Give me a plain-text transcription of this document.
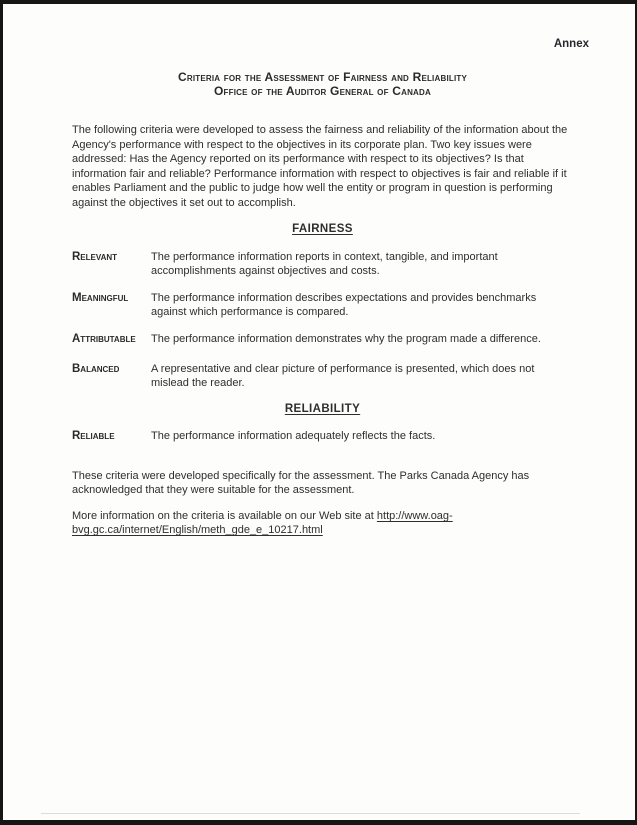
Annex
Criteria for the Assessment of Fairness and Reliability
Office of the Auditor General of Canada

The following criteria were developed to assess the fairness and reliability of the information about the Agency's performance with respect to the objectives in its corporate plan. Two key issues were addressed: Has the Agency reported on its performance with respect to its objectives? Is that information fair and reliable? Performance information with respect to objectives is fair and reliable if it enables Parliament and the public to judge how well the entity or program in question is performing against the objectives it set out to accomplish.

FAIRNESS
Relevant	The performance information reports in context, tangible, and important accomplishments against objectives and costs.
Meaningful	The performance information describes expectations and provides benchmarks against which performance is compared.
Attributable	The performance information demonstrates why the program made a difference.
Balanced	A representative and clear picture of performance is presented, which does not mislead the reader.
RELIABILITY
Reliable	The performance information adequately reflects the facts.

These criteria were developed specifically for the assessment. The Parks Canada Agency has acknowledged that they were suitable for the assessment.

More information on the criteria is available on our Web site at http://www.oag-
bvg.gc.ca/internet/English/meth_gde_e_10217.html
